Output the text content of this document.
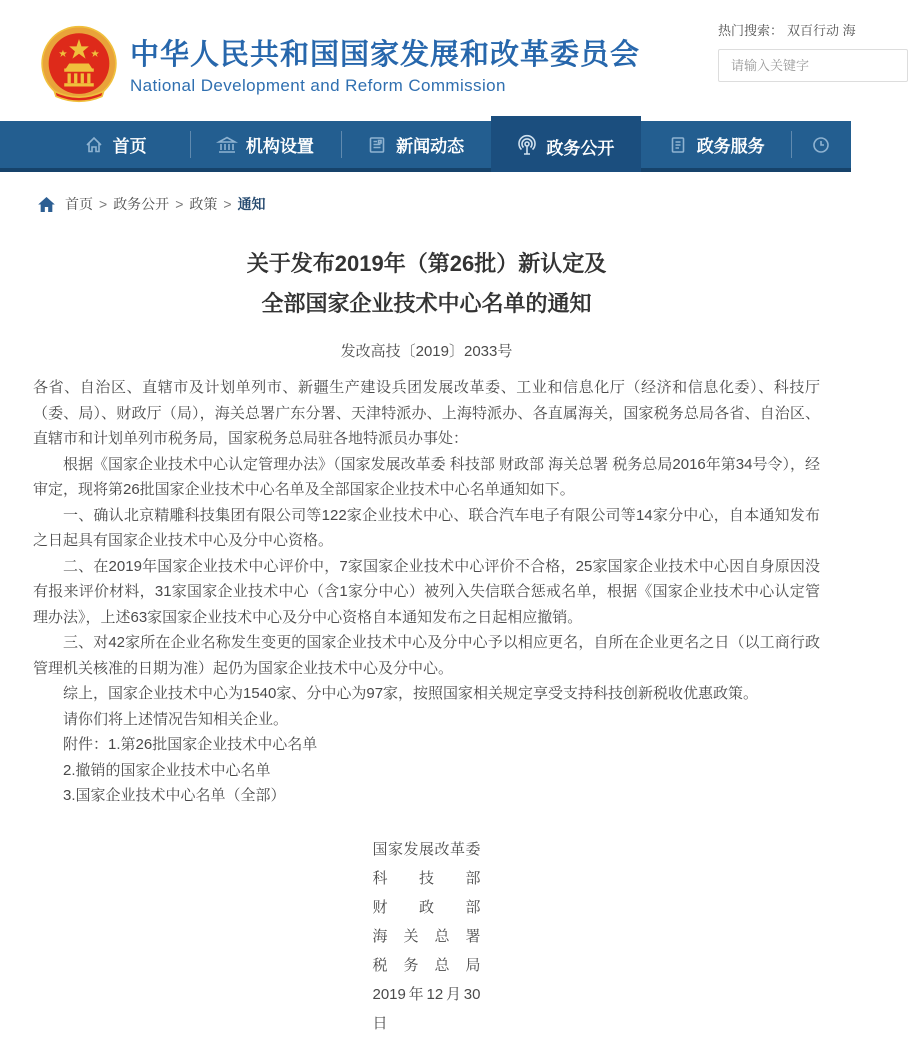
中华人民共和国国家发展和改革委员会
National Development and Reform Commission
热门搜索： 双百行动 海
请输入关键字
首页	机构设置	新闻动态	政务公开	政务服务
首页 > 政务公开 > 政策 > 通知
关于发布2019年（第26批）新认定及
全部国家企业技术中心名单的通知
发改高技〔2019〕2033号

各省、自治区、直辖市及计划单列市、新疆生产建设兵团发展改革委、工业和信息化厅（经济和信息化委）、科技厅（委、局）、财政厅（局），海关总署广东分署、天津特派办、上海特派办、各直属海关，国家税务总局各省、自治区、直辖市和计划单列市税务局，国家税务总局驻各地特派员办事处：

根据《国家企业技术中心认定管理办法》（国家发展改革委 科技部 财政部 海关总署 税务总局2016年第34号令），经审定，现将第26批国家企业技术中心名单及全部国家企业技术中心名单通知如下。

一、确认北京精雕科技集团有限公司等122家企业技术中心、联合汽车电子有限公司等14家分中心，自本通知发布之日起具有国家企业技术中心及分中心资格。

二、在2019年国家企业技术中心评价中，7家国家企业技术中心评价不合格，25家国家企业技术中心因自身原因没有报来评价材料，31家国家企业技术中心（含1家分中心）被列入失信联合惩戒名单，根据《国家企业技术中心认定管理办法》，上述63家国家企业技术中心及分中心资格自本通知发布之日起相应撤销。

三、对42家所在企业名称发生变更的国家企业技术中心及分中心予以相应更名，自所在企业更名之日（以工商行政管理机关核准的日期为准）起仍为国家企业技术中心及分中心。

综上，国家企业技术中心为1540家、分中心为97家，按照国家相关规定享受支持科技创新税收优惠政策。

请你们将上述情况告知相关企业。

附件：1.第26批国家企业技术中心名单

2.撤销的国家企业技术中心名单

3.国家企业技术中心名单（全部）

国家发展改革委
科技部
财政部
海关总署
税务总局
2019年12月30日
